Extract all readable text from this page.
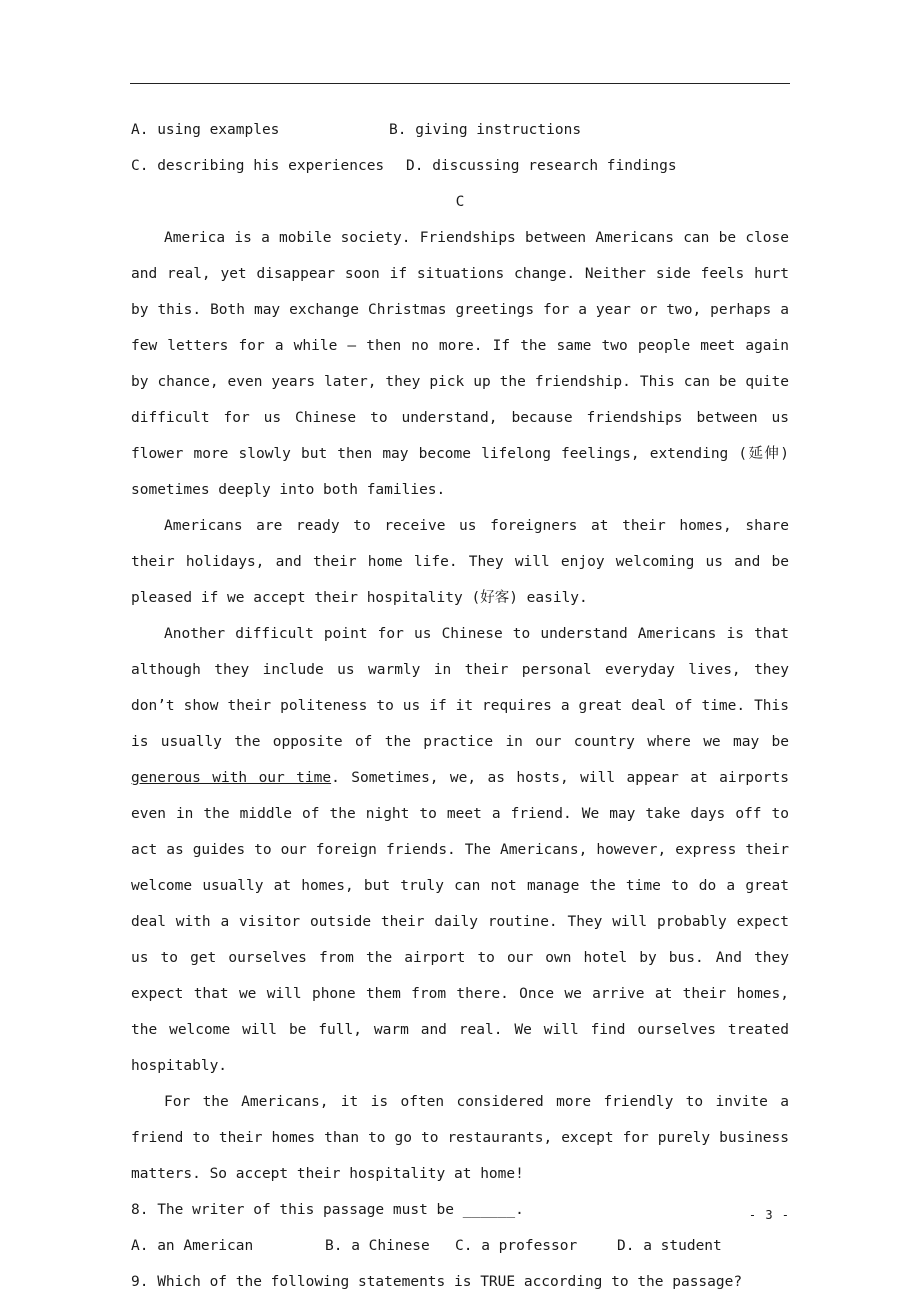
A. using examples	B. giving instructions
C. describing his experiences D. discussing research findings
C
America is a mobile society. Friendships between Americans can be close and real, yet disappear soon if situations change. Neither side feels hurt by this. Both may exchange Christmas greetings for a year or two, perhaps a few letters for a while — then no more. If the same two people meet again by chance, even years later, they pick up the friendship. This can be quite difficult for us Chinese to understand, because friendships between us flower more slowly but then may become lifelong feelings, extending (延伸) sometimes deeply into both families.
Americans are ready to receive us foreigners at their homes, share their holidays, and their home life. They will enjoy welcoming us and be pleased if we accept their hospitality (好客) easily.
Another difficult point for us Chinese to understand Americans is that although they include us warmly in their personal everyday lives, they don’t show their politeness to us if it requires a great deal of time. This is usually the opposite of the practice in our country where we may be generous with our time. Sometimes, we, as hosts, will appear at airports even in the middle of the night to meet a friend. We may take days off to act as guides to our foreign friends. The Americans, however, express their welcome usually at homes, but truly can not manage the time to do a great deal with a visitor outside their daily routine. They will probably expect us to get ourselves from the airport to our own hotel by bus. And they expect that we will phone them from there. Once we arrive at their homes, the welcome will be full, warm and real. We will find ourselves treated hospitably.
For the Americans, it is often considered more friendly to invite a friend to their homes than to go to restaurants, except for purely business matters. So accept their hospitality at home!
8. The writer of this passage must be ______.
A. an American	B. a Chinese C. a professor	D. a student
9. Which of the following statements is TRUE according to the passage?
- 3 -
